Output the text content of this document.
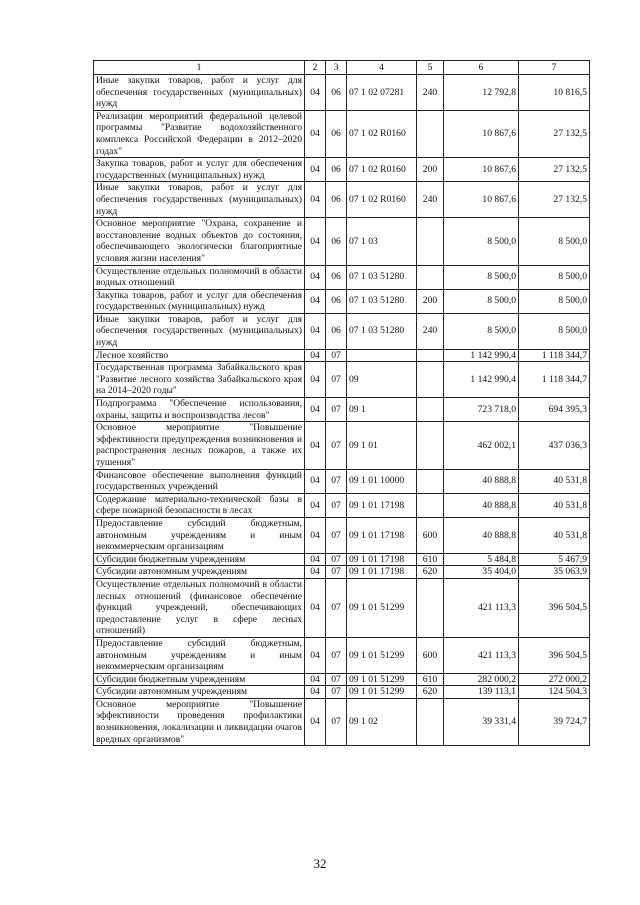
1	2	3	4	5	6	7
Иные закупки товаров, работ и услуг для обеспечения государственных (муниципальных) нужд	04	06	07 1 02 07281	240	12 792,8	10 816,5
Реализация мероприятий федеральной целевой программы "Развитие водохозяйственного комплекса Российской Федерации в 2012–2020 годах"	04	06	07 1 02 R0160		10 867,6	27 132,5
Закупка товаров, работ и услуг для обеспечения государственных (муниципальных) нужд	04	06	07 1 02 R0160	200	10 867,6	27 132,5
Иные закупки товаров, работ и услуг для обеспечения государственных (муниципальных) нужд	04	06	07 1 02 R0160	240	10 867,6	27 132,5
Основное мероприятие "Охрана, сохранение и восстановление водных объектов до состояния, обеспечивающего экологически благоприятные условия жизни населения"	04	06	07 1 03		8 500,0	8 500,0
Осуществление отдельных полномочий в области водных отношений	04	06	07 1 03 51280		8 500,0	8 500,0
Закупка товаров, работ и услуг для обеспечения государственных (муниципальных) нужд	04	06	07 1 03 51280	200	8 500,0	8 500,0
Иные закупки товаров, работ и услуг для обеспечения государственных (муниципальных) нужд	04	06	07 1 03 51280	240	8 500,0	8 500,0
Лесное хозяйство	04	07			1 142 990,4	1 118 344,7
Государственная программа Забайкальского края "Развитие лесного хозяйства Забайкальского края на 2014–2020 годы"	04	07	09		1 142 990,4	1 118 344,7
Подпрограмма "Обеспечение использования, охраны, защиты и воспроизводства лесов"	04	07	09 1		723 718,0	694 395,3
Основное мероприятие "Повышение эффективности предупреждения возникновения и распространения лесных пожаров, а также их тушения"	04	07	09 1 01		462 002,1	437 036,3
Финансовое обеспечение выполнения функций государственных учреждений	04	07	09 1 01 10000		40 888,8	40 531,8
Содержание материально-технической базы в сфере пожарной безопасности в лесах	04	07	09 1 01 17198		40 888,8	40 531,8
Предоставление субсидий бюджетным, автономным учреждениям и иным некоммерческим организациям	04	07	09 1 01 17198	600	40 888,8	40 531,8
Субсидии бюджетным учреждениям	04	07	09 1 01 17198	610	5 484,8	5 467,9
Субсидии автономным учреждениям	04	07	09 1 01 17198	620	35 404,0	35 063,9
Осуществление отдельных полномочий в области лесных отношений (финансовое обеспечение функций учреждений, обеспечивающих предоставление услуг в сфере лесных отношений)	04	07	09 1 01 51299		421 113,3	396 504,5
Предоставление субсидий бюджетным, автономным учреждениям и иным некоммерческим организациям	04	07	09 1 01 51299	600	421 113,3	396 504,5
Субсидии бюджетным учреждениям	04	07	09 1 01 51299	610	282 000,2	272 000,2
Субсидии автономным учреждениям	04	07	09 1 01 51299	620	139 113,1	124 504,3
Основное мероприятие "Повышение эффективности проведения профилактики возникновения, локализации и ликвидации очагов вредных организмов"	04	07	09 1 02		39 331,4	39 724,7
32
